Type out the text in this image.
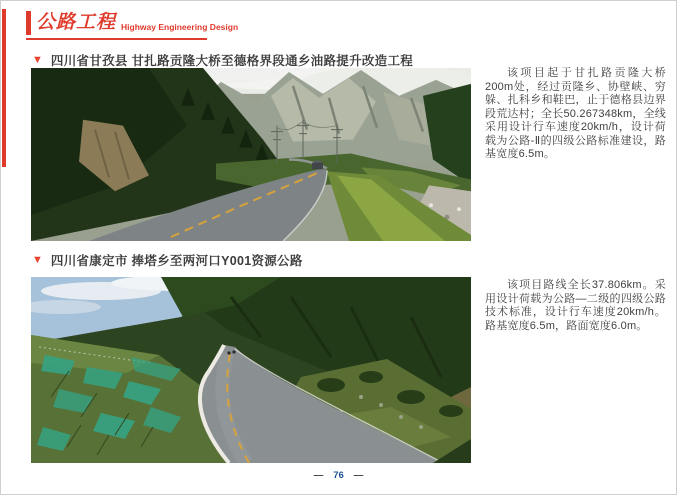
公路工程 Highway Engineering Design
▼ 四川省甘孜县 甘扎路贡隆大桥至德格界段通乡油路提升改造工程
该项目起于甘扎路贡隆大桥200m处，经过贡隆乡、协壁峡、穷躲、扎科乡和鞋巴，止于德格县边界段荒达村；全长50.267348km，全线采用设计行车速度20km/h，设计荷载为公路-Ⅱ的四级公路标准建设，路基宽度6.5m。
▼ 四川省康定市 捧塔乡至两河口Y001资源公路
该项目路线全长37.806km。采用设计荷载为公路—二级的四级公路技术标准，设计行车速度20km/h。路基宽度6.5m，路面宽度6.0m。
— 76 —
